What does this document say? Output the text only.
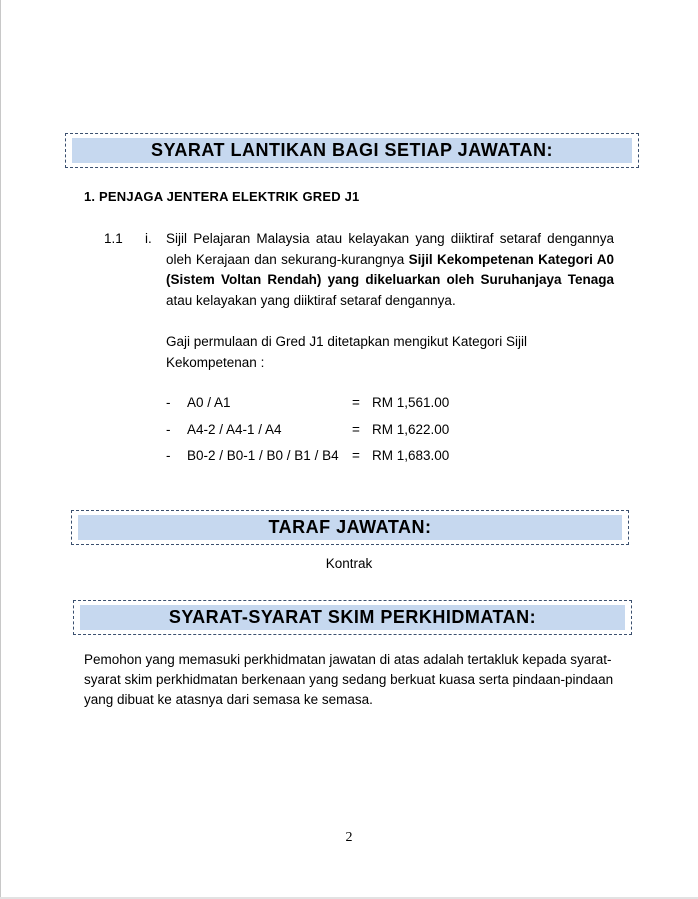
SYARAT LANTIKAN BAGI SETIAP JAWATAN:
1. PENJAGA JENTERA ELEKTRIK GRED J1
1.1 i. Sijil Pelajaran Malaysia atau kelayakan yang diiktiraf setaraf dengannya
oleh Kerajaan dan sekurang-kurangnya Sijil Kekompetenan Kategori A0
(Sistem Voltan Rendah) yang dikeluarkan oleh Suruhanjaya Tenaga
atau kelayakan yang diiktiraf setaraf dengannya.
Gaji permulaan di Gred J1 ditetapkan mengikut Kategori Sijil
Kekompetenan :
- A0 / A1	= RM 1,561.00
- A4-2 / A4-1 / A4	= RM 1,622.00
- B0-2 / B0-1 / B0 / B1 / B4 = RM 1,683.00
TARAF JAWATAN:
Kontrak
SYARAT-SYARAT SKIM PERKHIDMATAN:
Pemohon yang memasuki perkhidmatan jawatan di atas adalah tertakluk kepada syarat-
syarat skim perkhidmatan berkenaan yang sedang berkuat kuasa serta pindaan-pindaan
yang dibuat ke atasnya dari semasa ke semasa.
2
